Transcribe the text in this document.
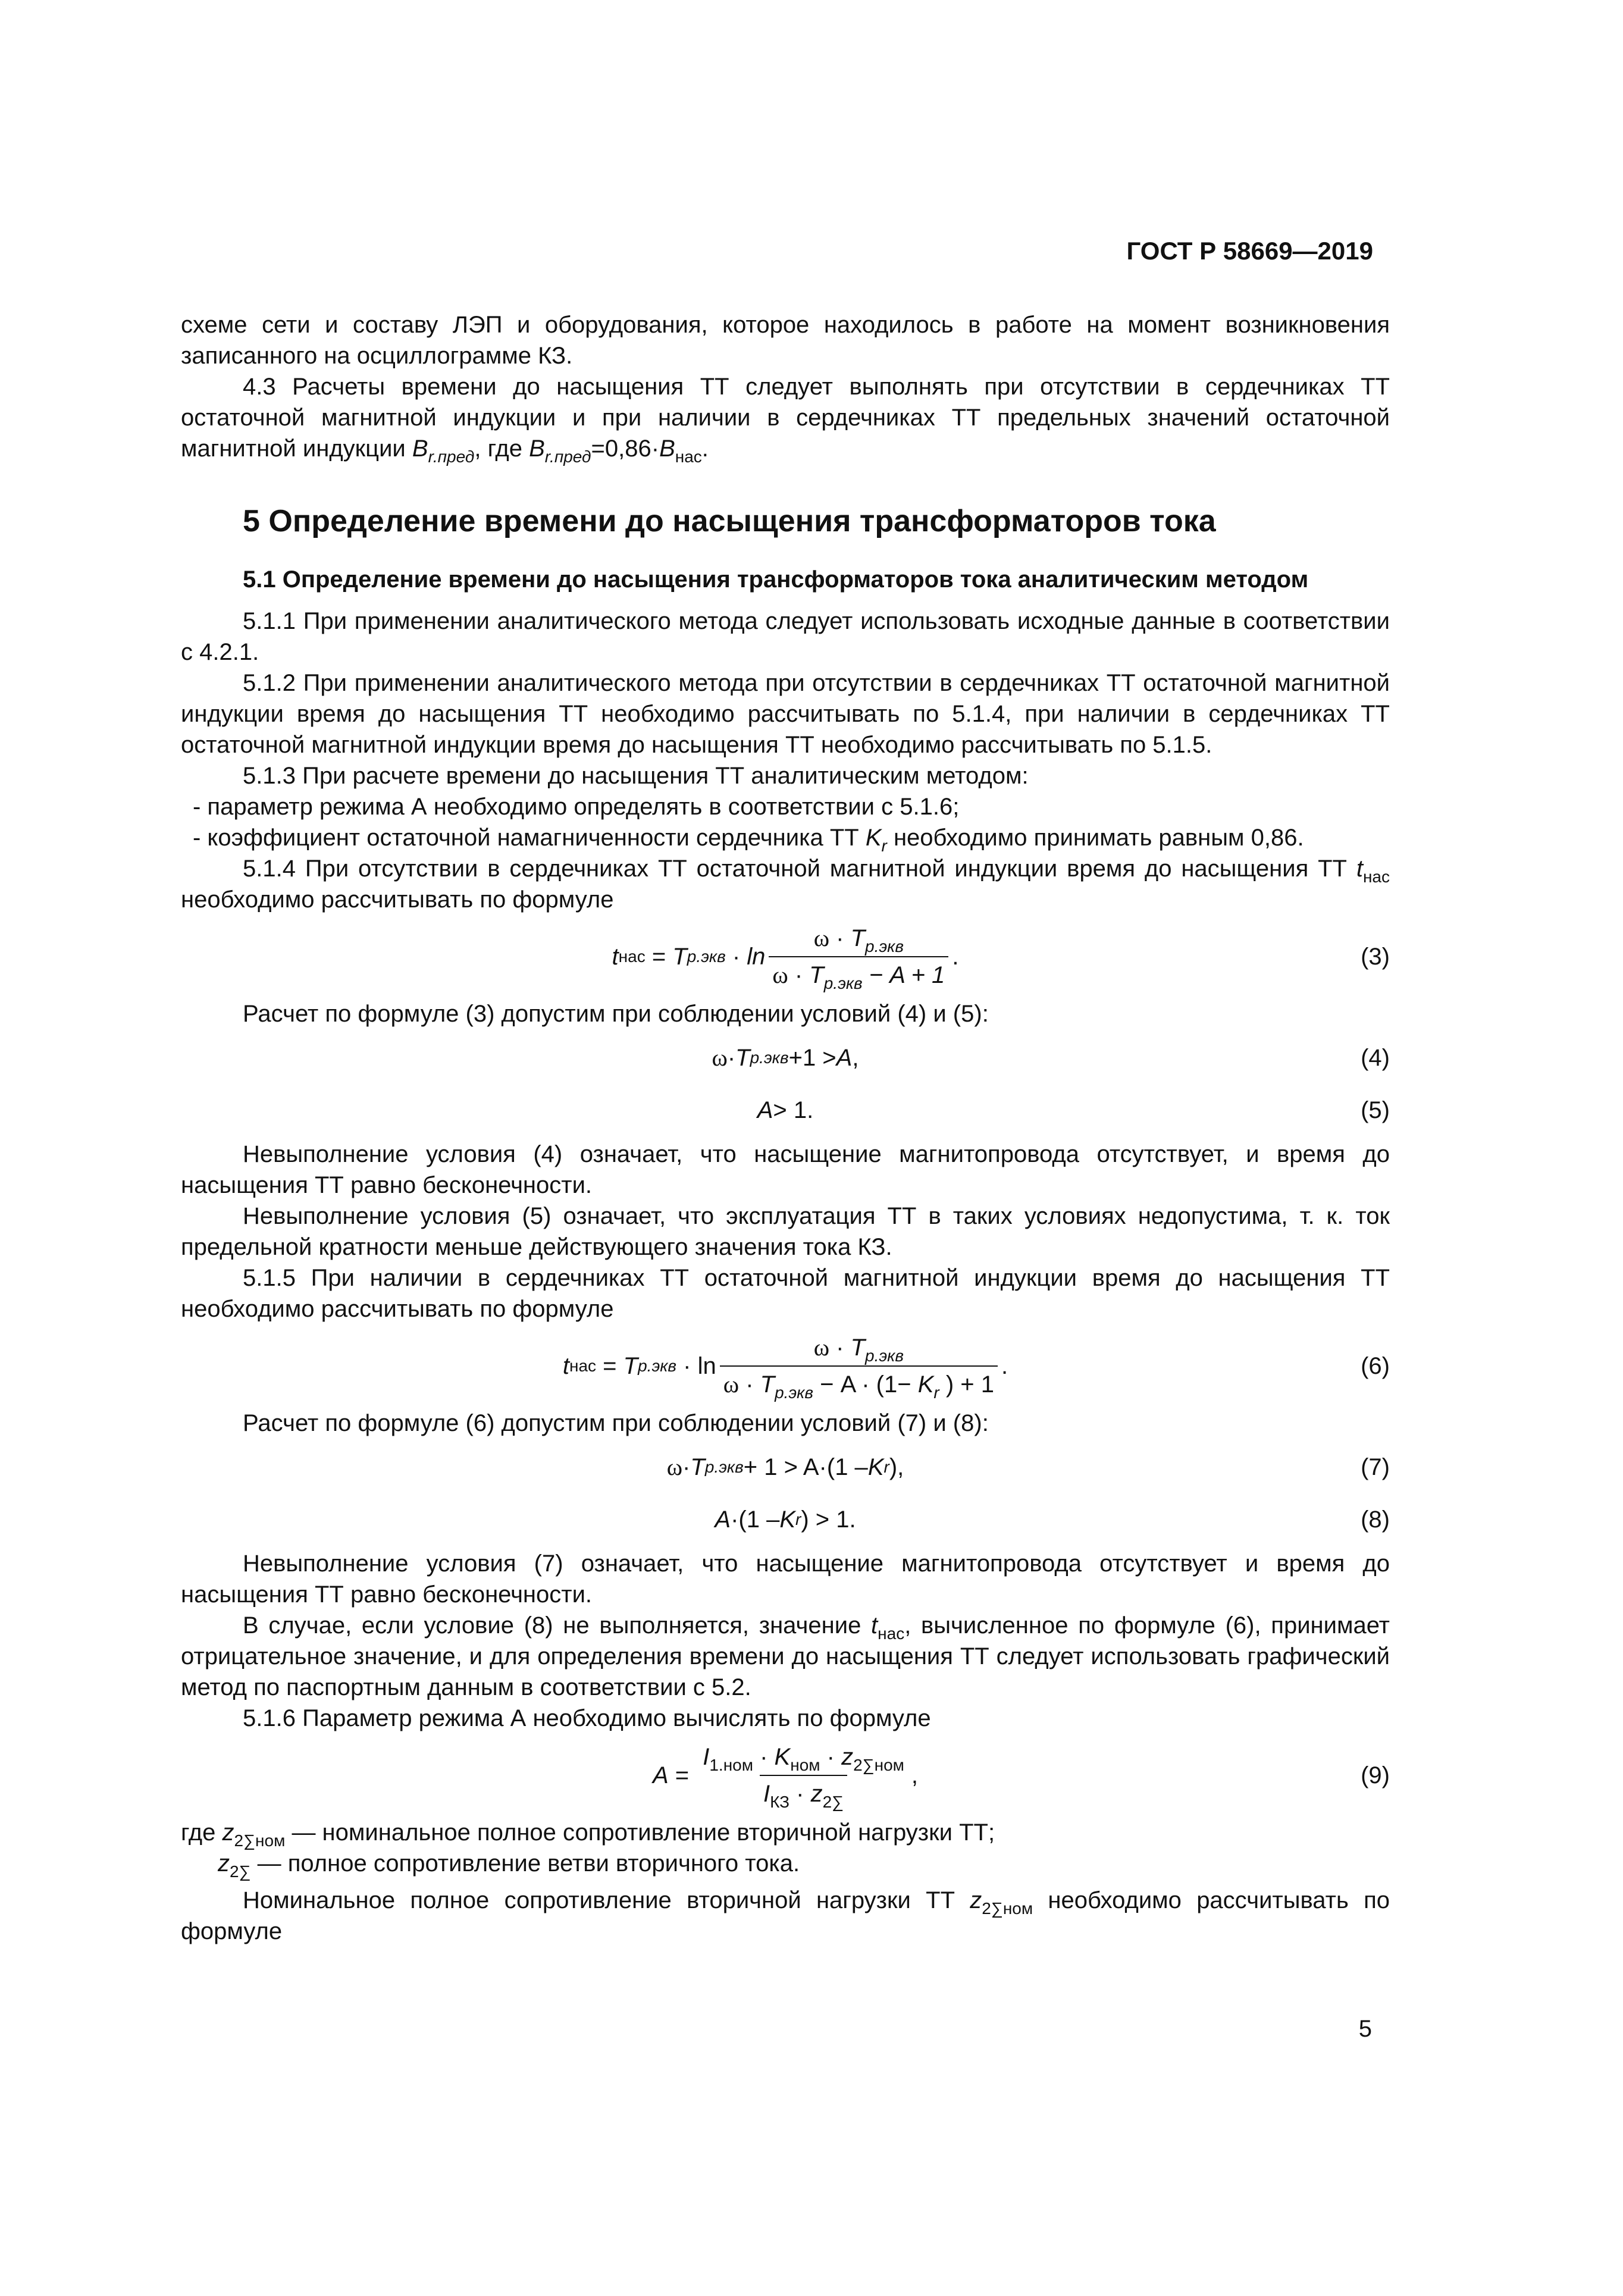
ГОСТ Р 58669—2019

схеме сети и составу ЛЭП и оборудования, которое находилось в работе на момент возникновения записанного на осциллограмме КЗ.

4.3 Расчеты времени до насыщения ТТ следует выполнять при отсутствии в сердечниках ТТ остаточной магнитной индукции и при наличии в сердечниках ТТ предельных значений остаточной магнитной индукции $B_{r.пред}$, где $B_{r.пред}=0,86\cdot B_{нас}$.

5 Определение времени до насыщения трансформаторов тока
5.1 Определение времени до насыщения трансформаторов тока аналитическим методом

5.1.1 При применении аналитического метода следует использовать исходные данные в соответствии с 4.2.1.

5.1.2 При применении аналитического метода при отсутствии в сердечниках ТТ остаточной магнитной индукции время до насыщения ТТ необходимо рассчитывать по 5.1.4, при наличии в сердечниках ТТ остаточной магнитной индукции время до насыщения ТТ необходимо рассчитывать по 5.1.5.

5.1.3 При расчете времени до насыщения ТТ аналитическим методом:

- параметр режима А необходимо определять в соответствии с 5.1.6;

- коэффициент остаточной намагниченности сердечника ТТ $K_r$ необходимо принимать равным 0,86.

5.1.4 При отсутствии в сердечниках ТТ остаточной магнитной индукции время до насыщения ТТ $t_{нас}$ необходимо рассчитывать по формуле

t нас = T $р.экв \cdot \ln \frac{\omega \cdot T_{р.экв}}{\omega \cdot T_{р.экв} - A + 1}$ .	(3)

Расчет по формуле (3) допустим при соблюдении условий (4) и (5):

ω · T р.экв +1 > A ,	(4)
A > 1.	(5)

Невыполнение условия (4) означает, что насыщение магнитопровода отсутствует, и время до насыщения ТТ равно бесконечности.

Невыполнение условия (5) означает, что эксплуатация ТТ в таких условиях недопустима, т. к. ток предельной кратности меньше действующего значения тока КЗ.

5.1.5 При наличии в сердечниках ТТ остаточной магнитной индукции время до насыщения ТТ необходимо рассчитывать по формуле

t нас = T $р.экв \cdot \ln \frac{\omega \cdot T_{р.экв}}{\omega \cdot T_{р.экв} - A \cdot (1- K_r ) + 1}$ .	(6)

Расчет по формуле (6) допустим при соблюдении условий (7) и (8):

ω · T р.экв + 1 > A·(1 – K r ),	(7)
A ·(1 – K r ) > 1.	(8)

Невыполнение условия (7) означает, что насыщение магнитопровода отсутствует и время до насыщения ТТ равно бесконечности.

В случае, если условие (8) не выполняется, значение $t_{нас}$, вычисленное по формуле (6), принимает отрицательное значение, и для определения времени до насыщения ТТ следует использовать графический метод по паспортным данным в соответствии с 5.2.

5.1.6 Параметр режима А необходимо вычислять по формуле

$A = \frac{I_{1.ном} \cdot K_{ном} \cdot z_{2\sum ном}}{I_{КЗ} \cdot z_{2\sum}}$ ,	(9)

где $z_{2\sum ном}$ — номинальное полное сопротивление вторичной нагрузки ТТ;

$z_{2\sum}$ — полное сопротивление ветви вторичного тока.

Номинальное полное сопротивление вторичной нагрузки ТТ $z_{2\sum ном}$ необходимо рассчитывать по формуле

5
